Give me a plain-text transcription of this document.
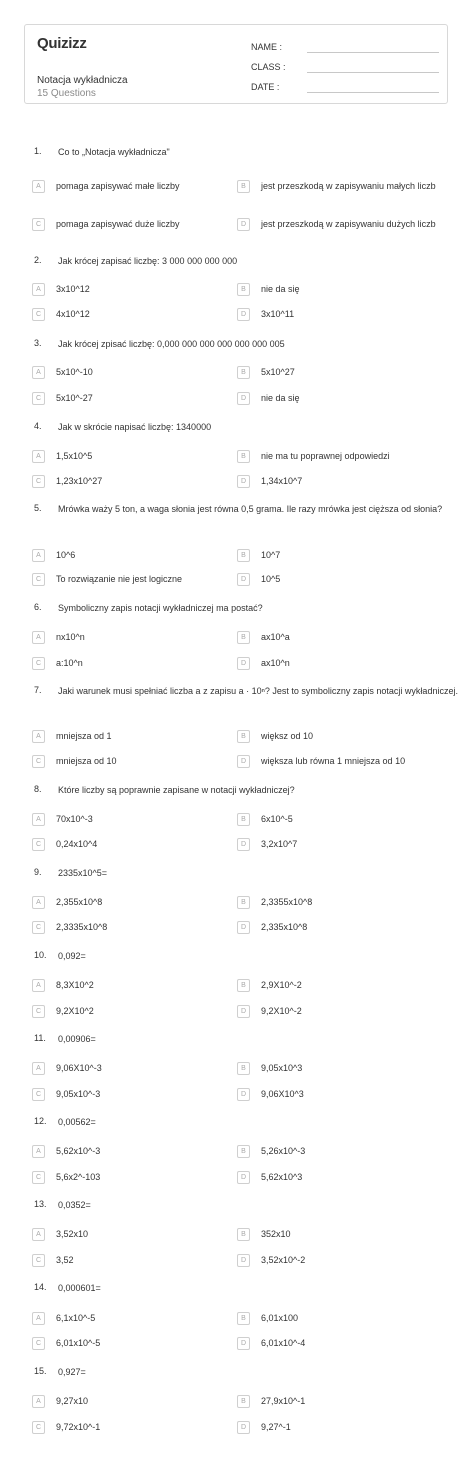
Quizizz
Notacja wykładnicza
15 Questions
NAME :
CLASS :
DATE :
1. Co to „Notacja wykładnicza"
A	pomaga zapisywać małe liczby	B	jest przeszkodą w zapisywaniu małych liczb
C	pomaga zapisywać duże liczby	D	jest przeszkodą w zapisywaniu dużych liczb
2. Jak krócej zapisać liczbę: 3 000 000 000 000
A	3x10^12	B	nie da się
C	4x10^12	D	3x10^11
3. Jak krócej zpisać liczbę: 0,000 000 000 000 000 000 005
A	5x10^-10	B	5x10^27
C	5x10^-27	D	nie da się
4. Jak w skrócie napisać liczbę: 1340000
A	1,5x10^5	B	nie ma tu poprawnej odpowiedzi
C	1,23x10^27	D	1,34x10^7
5. Mrówka waży 5 ton, a waga słonia jest równa 0,5 grama. Ile razy mrówka jest cięższa od słonia?
A	10^6	B	10^7
C	To rozwiązanie nie jest logiczne	D	10^5
6. Symboliczny zapis notacji wykładniczej ma postać?
A	nx10^n	B	ax10^a
C	a:10^n	D	ax10^n
7. Jaki warunek musi spełniać liczba a z zapisu a · 10ⁿ? Jest to symboliczny zapis notacji wykładniczej.
A	mniejsza od 1	B	większ od 10
C	mniejsza od 10	D	większa lub równa 1 mniejsza od 10
8. Które liczby są poprawnie zapisane w notacji wykładniczej?
A	70x10^-3	B	6x10^-5
C	0,24x10^4	D	3,2x10^7
9. 2335x10^5=
A	2,355x10^8	B	2,3355x10^8
C	2,3335x10^8	D	2,335x10^8
10. 0,092=
A	8,3X10^2	B	2,9X10^-2
C	9,2X10^2	D	9,2X10^-2
11. 0,00906=
A	9,06X10^-3	B	9,05x10^3
C	9,05x10^-3	D	9,06X10^3
12. 0,00562=
A	5,62x10^-3	B	5,26x10^-3
C	5,6x2^-103	D	5,62x10^3
13. 0,0352=
A	3,52x10	B	352x10
C	3,52	D	3,52x10^-2
14. 0,000601=
A	6,1x10^-5	B	6,01x100
C	6,01x10^-5	D	6,01x10^-4
15. 0,927=
A	9,27x10	B	27,9x10^-1
C	9,72x10^-1	D	9,27^-1
